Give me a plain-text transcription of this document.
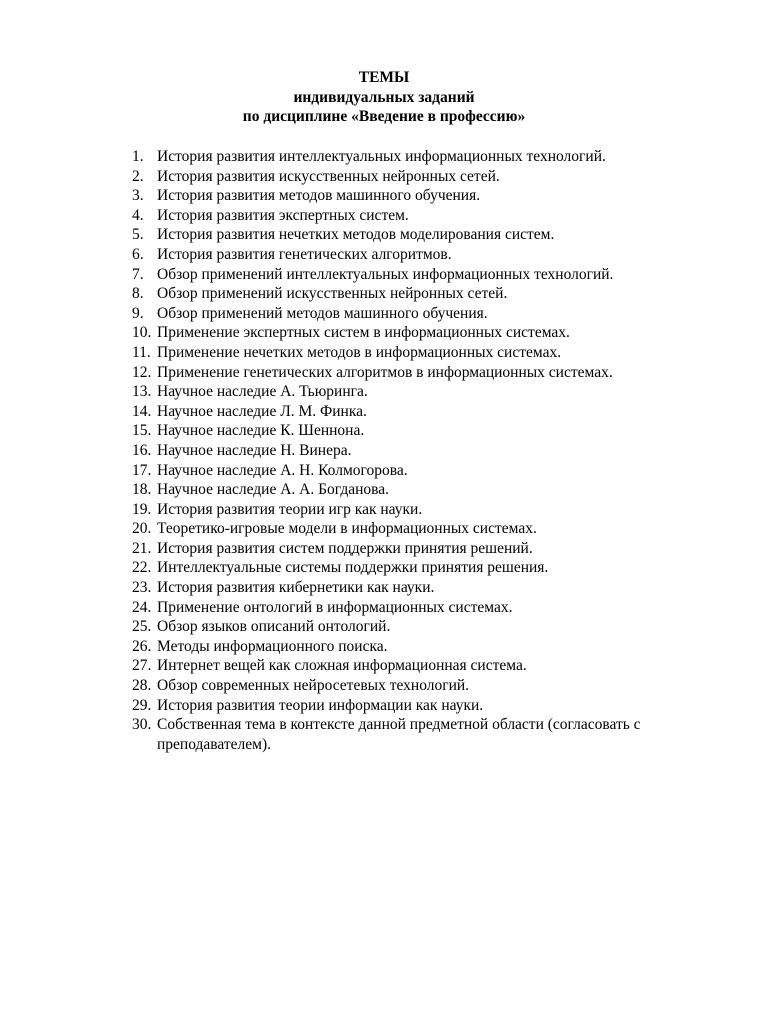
ТЕМЫ
индивидуальных заданий
по дисциплине «Введение в профессию»
1. История развития интеллектуальных информационных технологий.
2. История развития искусственных нейронных сетей.
3. История развития методов машинного обучения.
4. История развития экспертных систем.
5. История развития нечетких методов моделирования систем.
6. История развития генетических алгоритмов.
7. Обзор применений интеллектуальных информационных технологий.
8. Обзор применений искусственных нейронных сетей.
9. Обзор применений методов машинного обучения.
10. Применение экспертных систем в информационных системах.
11. Применение нечетких методов в информационных системах.
12. Применение генетических алгоритмов в информационных системах.
13. Научное наследие А. Тьюринга.
14. Научное наследие Л. М. Финка.
15. Научное наследие К. Шеннона.
16. Научное наследие Н. Винера.
17. Научное наследие А. Н. Колмогорова.
18. Научное наследие А. А. Богданова.
19. История развития теории игр как науки.
20. Теоретико-игровые модели в информационных системах.
21. История развития систем поддержки принятия решений.
22. Интеллектуальные системы поддержки принятия решения.
23. История развития кибернетики как науки.
24. Применение онтологий в информационных системах.
25. Обзор языков описаний онтологий.
26. Методы информационного поиска.
27. Интернет вещей как сложная информационная система.
28. Обзор современных нейросетевых технологий.
29. История развития теории информации как науки.
30. Собственная тема в контексте данной предметной области (согласовать с преподавателем).
